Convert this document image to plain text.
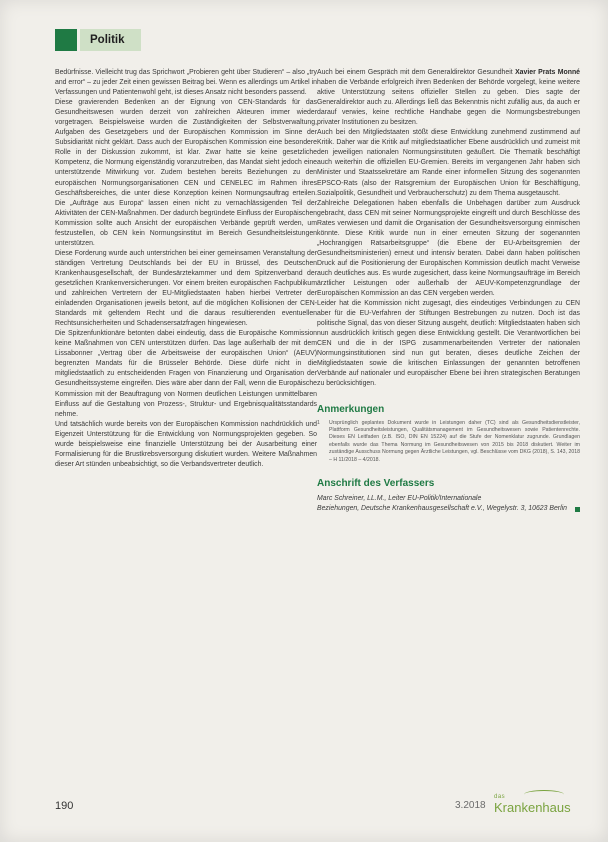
Politik

Bedürfnisse. Vielleicht trug das Sprichwort „Probieren geht über Studieren“ – also „try and error“ – zu jeder Zeit einen gewissen Beitrag bei. Wenn es allerdings um Artikel in Verfassungen und Patientenwohl geht, ist dieses Ansatz nicht besonders passend.

Diese gravierenden Bedenken an der Eignung von CEN-Standards für das Gesundheitswesen wurden derzeit von zahlreichen Akteuren immer wieder vorgetragen. Beispielsweise wurden die Zuständigkeiten der Selbstverwaltung, Aufgaben des Gesetzgebers und der Europäischen Kommission im Sinne der Subsidiarität nicht geklärt. Dass auch der Europäischen Kommission eine besondere Rolle in der Diskussion zukommt, ist klar. Zwar hatte sie keine gesetzliche Kompetenz, die Normung eigenständig voranzutreiben, das Mandat sieht jedoch eine unterstützende Mitwirkung vor. Zudem bestehen bereits Beziehungen zu den europäischen Normungsorganisationen CEN und CENELEC im Rahmen ihres Geschäftsbereiches, die unter diese Konzeption keinen Normungsauftrag erteilen. Die „Aufträge aus Europa“ lassen einen nicht zu vernachlässigenden Teil der Aktivitäten der CEN-Maßnahmen. Der dadurch begründete Einfluss der Europäischen Kommission sollte auch Ansicht der europäischen Verbände geprüft werden, um festzustellen, ob CEN kein Normungsinstitut im Bereich Gesundheitsleistungen unterstützen.

Diese Forderung wurde auch unterstrichen bei einer gemeinsamen Veranstaltung der ständigen Vertretung Deutschlands bei der EU in Brüssel, des Deutschen Krankenhausgesellschaft, der Bundesärztekammer und dem Spitzenverband der gesetzlichen Krankenversicherungen. Vor einem breiten europäischen Fachpublikum und zahlreichen Vertretern der EU-Mitgliedstaaten haben hierbei Vertreter der einladenden Organisationen jeweils betont, auf die möglichen Kollisionen der CEN-Standards mit geltendem Recht und die daraus resultierenden eventuellen Rechtsunsicherheiten und Schadensersatzfragen hingewiesen.

Die Spitzenfunktionäre betonten dabei eindeutig, dass die Europäische Kommission keine Maßnahmen von CEN unterstützen dürfen. Das lage außerhalb der mit dem Lissabonner „Vertrag über die Arbeitsweise der europäischen Union“ (AEUV) begrenzten Mandats für die Brüsseler Behörde. Diese dürfe nicht in die mitgliedstaatlich zu entscheidenden Fragen von Finanzierung und Organisation der Gesundheitssysteme eingreifen. Dies wäre aber dann der Fall, wenn die Europäische Kommission mit der Beauftragung von Normen deutlichen Leistungen unmittelbaren Einfluss auf die Gestaltung von Prozess-, Struktur- und Ergebnisqualitätsstandards nehme.

Und tatsächlich wurde bereits von der Europäischen Kommission nachdrücklich und Eigenzeit Unterstützung für die Entwicklung von Normungsprojekten gegeben. So wurde beispielsweise eine finanzielle Unterstützung bei der Ausarbeitung einer Formalisierung für die Brustkrebsversorgung diskutiert wurden. Weitere Maßnahmen dieser Art stünden unbeabsichtigt, so die Verbandsvertreter deutlich.

Auch bei einem Gespräch mit dem Generaldirektor Gesundheit Xavier Prats Monné haben die Verbände erfolgreich ihren Bedenken der Behörde vorgelegt, keine weitere aktive Unterstützung seitens offizieller Stellen zu geben. Dies sagte der Generaldirektor auch zu. Allerdings ließ das Bekenntnis nicht zufällig aus, da auch er darauf verwies, keine rechtliche Handhabe gegen die Normungsbestrebungen privater Institutionen zu besitzen.

Auch bei den Mitgliedstaaten stößt diese Entwicklung zunehmend zustimmend auf Kritik. Daher war die Kritik auf mitgliedstaatlicher Ebene ausdrücklich und zumeist mit den jeweiligen nationalen Normungsinstituten geäußert. Die Thematik beschäftigt auch weiterhin die offiziellen EU-Gremien. Bereits im vergangenen Jahr haben sich Minister und Staatssekretäre am Rande einer informellen Sitzung des sogenannten EPSCO-Rats (also der Ratsgremium der Europäischen Union für Beschäftigung, Sozialpolitik, Gesundheit und Verbraucherschutz) zu dem Thema ausgetauscht.

Zahlreiche Delegationen haben ebenfalls die Unbehagen darüber zum Ausdruck gebracht, dass CEN mit seiner Normungsprojekte eingreift und durch Beschlüsse des Rates verwiesen und damit die Organisation der Gesundheitsversorgung einmischen könnte. Diese Kritik wurde nun in einer erneuten Sitzung der sogenannten „Hochrangigen Ratsarbeitsgruppe“ (die Ebene der EU-Arbeitsgremien der Gesundheitsministerien) erneut und intensiv beraten. Dabei dann haben politischen Druck auf die Positionierung der Europäischen Kommission deutlich macht Verweise auch deutliches aus. Es wurde zugesichert, dass keine Normungsaufträge im Bereich ärztlicher Leistungen oder außerhalb der AEUV-Kompetenzgrundlage der Europäischen Kommission an das CEN vergeben werden.

Leider hat die Kommission nicht zugesagt, dies eindeutiges Verbindungen zu CEN aber für die EU-Verfahren der Stiftungen Bestrebungen zu nutzen. Doch ist das politische Signal, das von dieser Sitzung ausgeht, deutlich: Mitgliedstaaten haben sich nun ausdrücklich kritisch gegen diese Entwicklung gestellt. Die Verantwortlichen bei CEN und die in der ISPG zusammenarbeitenden Vertreter der nationalen Normungsinstitutionen sind nun gut beraten, dieses deutliche Zeichen der Mitgliedstaaten sowie die kritischen Einlassungen der genannten betroffenen Verbände auf nationaler und europäischer Ebene bei ihren strategischen Beratungen zu berücksichtigen.

Anmerkungen
1	Ursprünglich geplantes Dokument wurde in Leistungen daher (TC) sind als Gesundheitsdienstleister, Plattform Gesundheitsleistungen, Qualitätsmanagement im Gesundheitswesen sowie Patientenrechte. Dieses EN Leitfaden (z.B. ISO, DIN EN 15224) auf die Stufe der Nomenklatur zugrunde. Grundlagen ebenfalls wurde das Thema Normung im Gesundheitswesen von 2015 bis 2018 diskutiert. Weiter im zuständige Ausschuss Normung gegen Ärztliche Leistungen, vgl. Beschlüsse vom DKG (2018), S. 143, 2018 – H 11/2018 – 4/2018.
Anschrift des Verfassers
Marc Schreiner, LL.M., Leiter EU-Politik/Internationale
Beziehungen, Deutsche Krankenhausgesellschaft e.V., Wegelystr. 3, 10623 Berlin
190	3.2018
das
Krankenhaus
